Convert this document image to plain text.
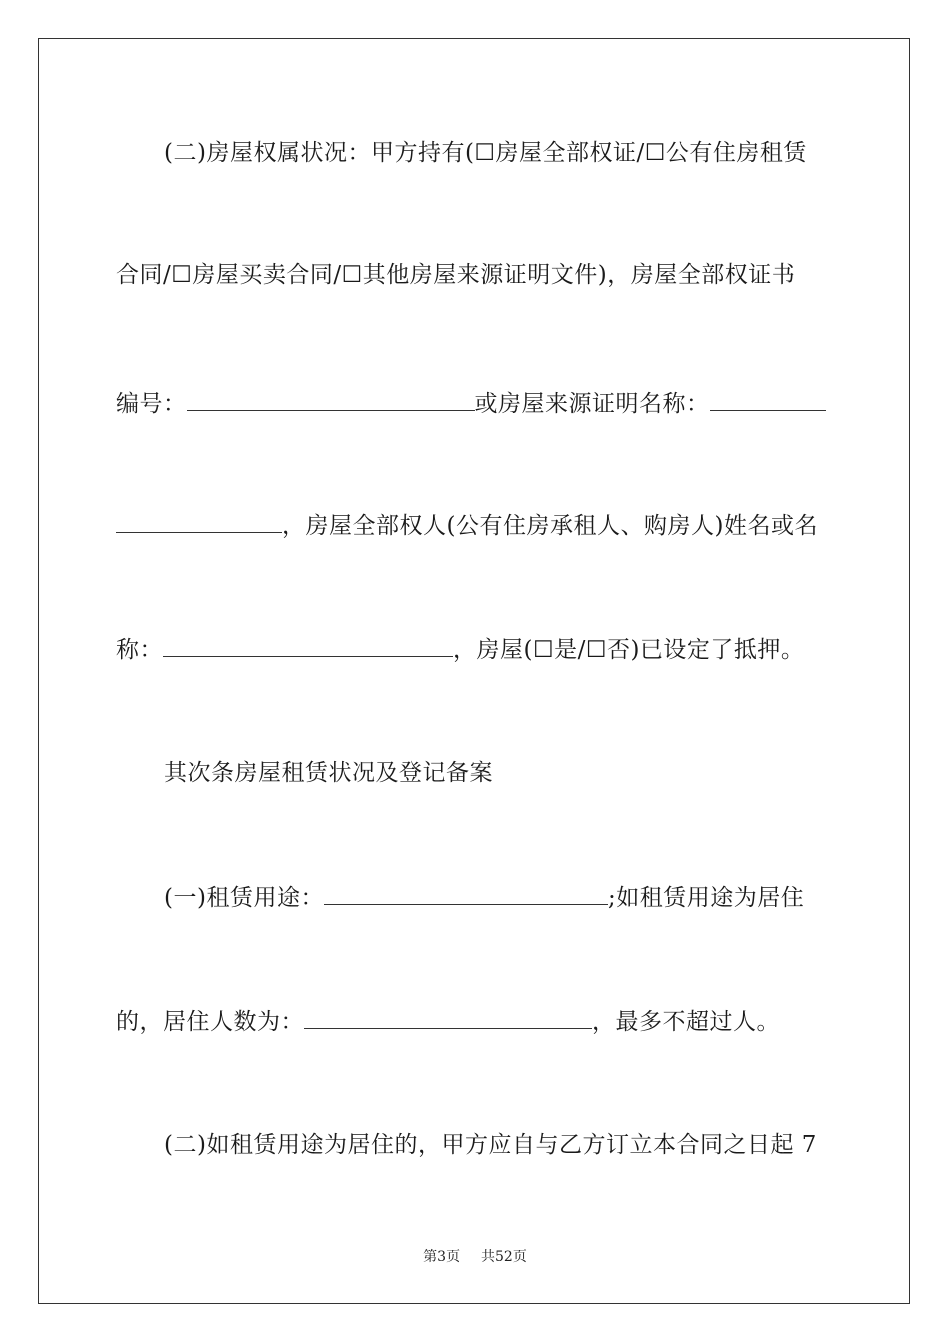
(二)房屋权属状况：甲方持有(☐房屋全部权证/☐公有住房租赁
合同/☐房屋买卖合同/☐其他房屋来源证明文件)，房屋全部权证书
编号：	或房屋来源证明名称：
，房屋全部权人(公有住房承租人、购房人)姓名或名
称：	，房屋(☐是/☐否)已设定了抵押。
其次条房屋租赁状况及登记备案
(一)租赁用途：	;如租赁用途为居住
的，居住人数为：	，最多不超过人。
(二)如租赁用途为居住的，甲方应自与乙方订立本合同之日起 7
第3页 共52页
